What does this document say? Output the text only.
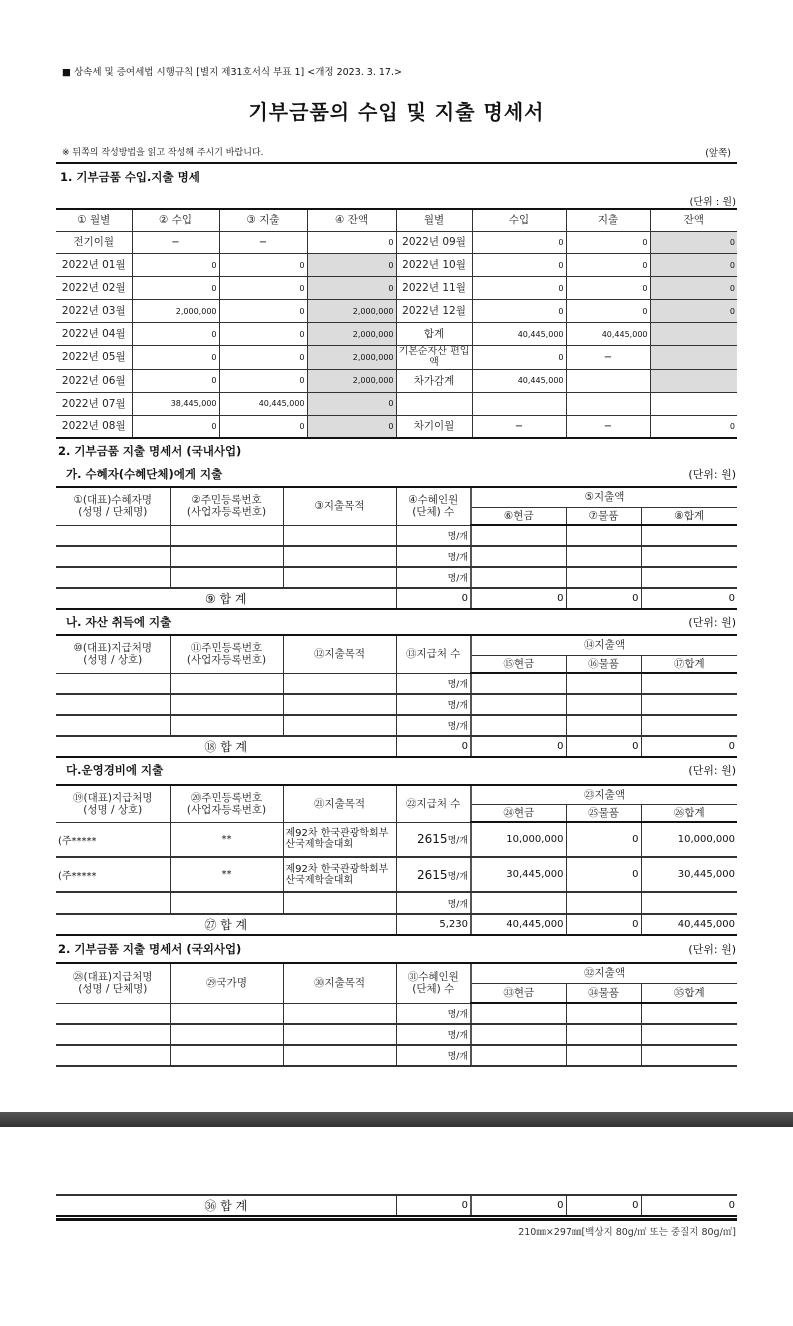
■ 상속세 및 증여세법 시행규칙 [별지 제31호서식 부표 1] <개정 2023. 3. 17.>
기부금품의 수입 및 지출 명세서
※ 뒤쪽의 작성방법을 읽고 작성해 주시기 바랍니다.	(앞쪽)
1. 기부금품 수입.지출 명세
(단위 : 원)
① 월별	② 수입	③ 지출	④ 잔액	월별	수입	지출	잔액
전기이월	−	−	0	2022년 09월	0	0	0
2022년 01월	0	0	0	2022년 10월	0	0	0
2022년 02월	0	0	0	2022년 11월	0	0	0
2022년 03월	2,000,000	0	2,000,000	2022년 12월	0	0	0
2022년 04월	0	0	2,000,000	합계	40,445,000	40,445,000	
2022년 05월	0	0	2,000,000	기본순자산 편입액	0	−	
2022년 06월	0	0	2,000,000	차가감계	40,445,000		
2022년 07월	38,445,000	40,445,000	0				
2022년 08월	0	0	0	차기이월	−	−	0
2. 기부금품 지출 명세서 (국내사업)
가. 수혜자(수혜단체)에게 지출	(단위: 원)
①(대표)수혜자명
(성명 / 단체명)	②주민등록번호
(사업자등록번호)	③지출목적	④수혜인원
(단체) 수	⑤지출액		
				⑥현금	⑦물품	⑧합계
			명/개			
			명/개			
			명/개			
⑨ 합 계			0	0	0	0
나. 자산 취득에 지출	(단위: 원)
⑩(대표)지급처명
(성명 / 상호)	⑪주민등록번호
(사업자등록번호)	⑫지출목적	⑬지급처 수	⑭지출액		
				⑮현금	⑯물품	⑰합계
			명/개			
			명/개			
			명/개			
⑱ 합 계			0	0	0	0
다.운영경비에 지출	(단위: 원)
⑲(대표)지급처명
(성명 / 상호)	⑳주민등록번호
(사업자등록번호)	㉑지출목적	㉒지급처 수	㉓지출액		
				㉔현금	㉕물품	㉖합계
(주*****	**	제92차 한국관광학회부산국제학술대회	2615명/개	10,000,000	0	10,000,000
(주*****	**	제92차 한국관광학회부산국제학술대회	2615명/개	30,445,000	0	30,445,000
			명/개			
㉗ 합 계			5,230	40,445,000	0	40,445,000
2. 기부금품 지출 명세서 (국외사업)	(단위: 원)
㉘(대표)지급처명
(성명 / 단체명)	㉙국가명	㉚지출목적	㉛수혜인원
(단체) 수	㉜지출액		
				㉝현금	㉞물품	㉟합계
			명/개			
			명/개			
			명/개			
㊱ 합 계	0	0	0	0
210㎜×297㎜[백상지 80g/㎡ 또는 중질지 80g/㎡]
